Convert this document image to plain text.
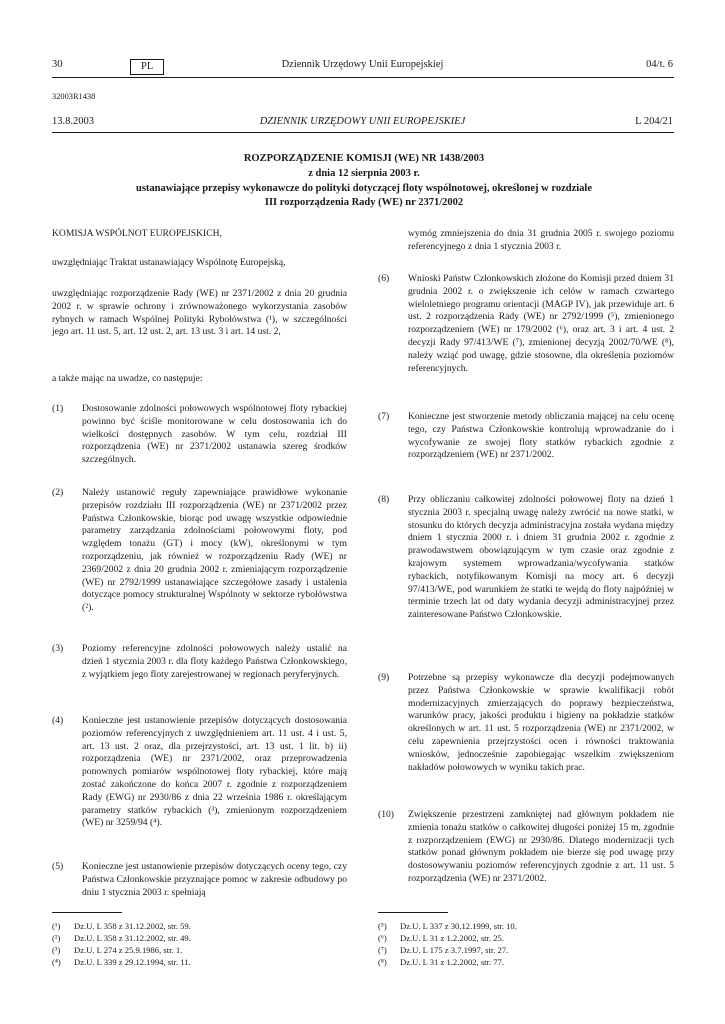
30	PL	Dziennik Urzędowy Unii Europejskiej	04/t. 6
32003R1438
13.8.2003	DZIENNIK URZĘDOWY UNII EUROPEJSKIEJ	L 204/21
ROZPORZĄDZENIE KOMISJI (WE) NR 1438/2003
z dnia 12 sierpnia 2003 r.
ustanawiające przepisy wykonawcze do polityki dotyczącej floty wspólnotowej, określonej w rozdziale
III rozporządzenia Rady (WE) nr 2371/2002
KOMISJA WSPÓLNOT EUROPEJSKICH,
uwzględniając Traktat ustanawiający Wspólnotę Europejską,
uwzględniając rozporządzenie Rady (WE) nr 2371/2002 z dnia 20 grudnia 2002 r. w sprawie ochrony i zrównoważonego wykorzystania zasobów rybnych w ramach Wspólnej Polityki Rybołówstwa (¹), w szczególności jego art. 11 ust. 5, art. 12 ust. 2, art. 13 ust. 3 i art. 14 ust. 2,
a także mając na uwadze, co następuje:
(1) Dostosowanie zdolności połowowych wspólnotowej floty rybackiej powinno być ściśle monitorowane w celu dostosowania ich do wielkości dostępnych zasobów. W tym celu, rozdział III rozporządzenia (WE) nr 2371/2002 ustanawia szereg środków szczególnych.
(2) Należy ustanowić reguły zapewniające prawidłowe wykonanie przepisów rozdziału III rozporządzenia (WE) nr 2371/2002 przez Państwa Członkowskie, biorąc pod uwagę wszystkie odpowiednie parametry zarządzania zdolnościami połowowymi floty, pod względem tonażu (GT) i mocy (kW), określonymi w tym rozporządzeniu, jak również w rozporządzeniu Rady (WE) nr 2369/2002 z dnia 20 grudnia 2002 r. zmieniającym rozporządzenie (WE) nr 2792/1999 ustanawiające szczegółowe zasady i ustalenia dotyczące pomocy strukturalnej Wspólnoty w sektorze rybołówstwa (²).
(3) Poziomy referencyjne zdolności połowowych należy ustalić na dzień 1 stycznia 2003 r. dla floty każdego Państwa Członkowskiego, z wyjątkiem jego floty zarejestrowanej w regionach peryferyjnych.
(4) Konieczne jest ustanowienie przepisów dotyczących dostosowania poziomów referencyjnych z uwzględnieniem art. 11 ust. 4 i ust. 5, art. 13 ust. 2 oraz, dla przejrzystości, art. 13 ust. 1 lit. b) ii) rozporządzenia (WE) nr 2371/2002, oraz przeprowadzenia ponownych pomiarów wspólnotowej floty rybackiej, które mają zostać zakończone do końca 2007 r. zgodnie z rozporządzeniem Rady (EWG) nr 2930/86 z dnia 22 września 1986 r. określającym parametry statków rybackich (³), zmienionym rozporządzeniem (WE) nr 3259/94 (⁴).
(5) Konieczne jest ustanowienie przepisów dotyczących oceny tego, czy Państwa Członkowskie przyznające pomoc w zakresie odbudowy po dniu 1 stycznia 2003 r. spełniają
wymóg zmniejszenia do dnia 31 grudnia 2005 r. swojego poziomu referencyjnego z dnia 1 stycznia 2003 r.
(6) Wnioski Państw Członkowskich złożone do Komisji przed dniem 31 grudnia 2002 r. o zwiększenie ich celów w ramach czwartego wieloletniego programu orientacji (MAGP IV), jak przewiduje art. 6 ust. 2 rozporządzenia Rady (WE) nr 2792/1999 (⁵), zmienionego rozporządzeniem (WE) nr 179/2002 (⁶), oraz art. 3 i art. 4 ust. 2 decyzji Rady 97/413/WE (⁷), zmienionej decyzją 2002/70/WE (⁸), należy wziąć pod uwagę, gdzie stosowne, dla określenia poziomów referencyjnych.
(7) Konieczne jest stworzenie metody obliczania mającej na celu ocenę tego, czy Państwa Członkowskie kontrolują wprowadzanie do i wycofywanie ze swojej floty statków rybackich zgodnie z rozporządzeniem (WE) nr 2371/2002.
(8) Przy obliczaniu całkowitej zdolności połowowej floty na dzień 1 stycznia 2003 r. specjalną uwagę należy zwrócić na nowe statki, w stosunku do których decyzja administracyjna została wydana między dniem 1 stycznia 2000 r. i dniem 31 grudnia 2002 r. zgodnie z prawodawstwem obowiązującym w tym czasie oraz zgodnie z krajowym systemem wprowadzania/wycofywania statków rybackich, notyfikowanym Komisji na mocy art. 6 decyzji 97/413/WE, pod warunkiem że statki te wejdą do floty najpóźniej w terminie trzech lat od daty wydania decyzji administracyjnej przez zainteresowane Państwo Członkowskie.
(9) Potrzebne są przepisy wykonawcze dla decyzji podejmowanych przez Państwa Członkowskie w sprawie kwalifikacji robót modernizacyjnych zmierzających do poprawy bezpieczeństwa, warunków pracy, jakości produktu i higieny na pokładzie statków określonych w art. 11 ust. 5 rozporządzenia (WE) nr 2371/2002, w celu zapewnienia przejrzystości ocen i równości traktowania wniosków, jednocześnie zapobiegając wszelkim zwiększeniom nakładów połowowych w wyniku takich prac.
(10) Zwiększenie przestrzeni zamkniętej nad głównym pokładem nie zmienia tonażu statków o całkowitej długości poniżej 15 m, zgodnie z rozporządzeniem (EWG) nr 2930/86. Dlatego modernizacji tych statków ponad głównym pokładem nie bierze się pod uwagę przy dostosowywaniu poziomów referencyjnych zgodnie z art. 11 ust. 5 rozporządzenia (WE) nr 2371/2002.
(¹) Dz.U. L 358 z 31.12.2002, str. 59.
(²) Dz.U. L 358 z 31.12.2002, str. 49.
(³) Dz.U. L 274 z 25.9.1986, str. 1.
(⁴) Dz.U. L 339 z 29.12.1994, str. 11.
(⁵) Dz.U. L 337 z 30.12.1999, str. 10.
(⁶) Dz.U. L 31 z 1.2.2002, str. 25.
(⁷) Dz.U. L 175 z 3.7.1997, str. 27.
(⁸) Dz.U. L 31 z 1.2.2002, str. 77.
